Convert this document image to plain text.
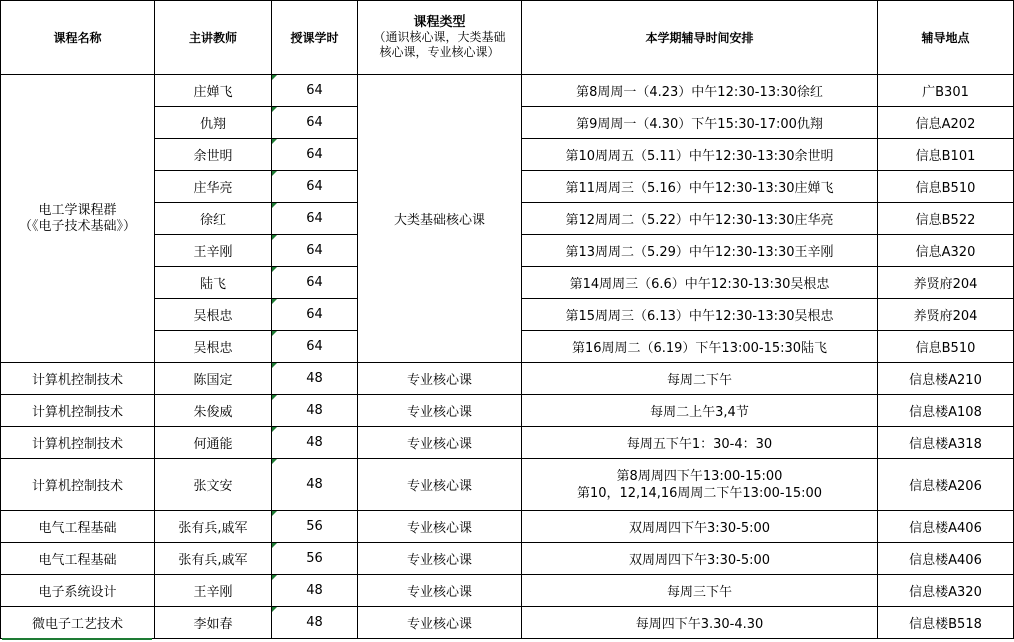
课程名称	主讲教师	授课学时	课程类型
（通识核心课，大类基础
核心课，专业核心课）	本学期辅导时间安排	辅导地点

电工学课程群
（《电子技术基础》）	庄婵飞	64	大类基础核心课	第8周周一（4.23）中午12:30-13:30徐红	广B301
	仇翔	64		第9周周一（4.30）下午15:30-17:00仇翔	信息A202
	余世明	64		第10周周五（5.11）中午12:30-13:30余世明	信息B101
	庄华亮	64		第11周周三（5.16）中午12:30-13:30庄婵飞	信息B510
	徐红	64		第12周周二（5.22）中午12:30-13:30庄华亮	信息B522
	王辛刚	64		第13周周二（5.29）中午12:30-13:30王辛刚	信息A320
	陆飞	64		第14周周三（6.6）中午12:30-13:30吴根忠	养贤府204
	吴根忠	64		第15周周三（6.13）中午12:30-13:30吴根忠	养贤府204
	吴根忠	64		第16周周二（6.19）下午13:00-15:30陆飞	信息B510
计算机控制技术	陈国定	48	专业核心课	每周二下午	信息楼A210
计算机控制技术	朱俊威	48	专业核心课	每周二上午3,4节	信息楼A108
计算机控制技术	何通能	48	专业核心课	每周五下午1：30-4：30	信息楼A318
计算机控制技术	张文安	48	专业核心课	第8周周四下午13:00-15:00
第10，12,14,16周周二下午13:00-15:00	信息楼A206
电气工程基础	张有兵,戚军	56	专业核心课	双周周四下午3:30-5:00	信息楼A406
电气工程基础	张有兵,戚军	56	专业核心课	双周周四下午3:30-5:00	信息楼A406
电子系统设计	王辛刚	48	专业核心课	每周三下午	信息楼A320
微电子工艺技术	李如春	48	专业核心课	每周四下午3.30-4.30	信息楼B518
